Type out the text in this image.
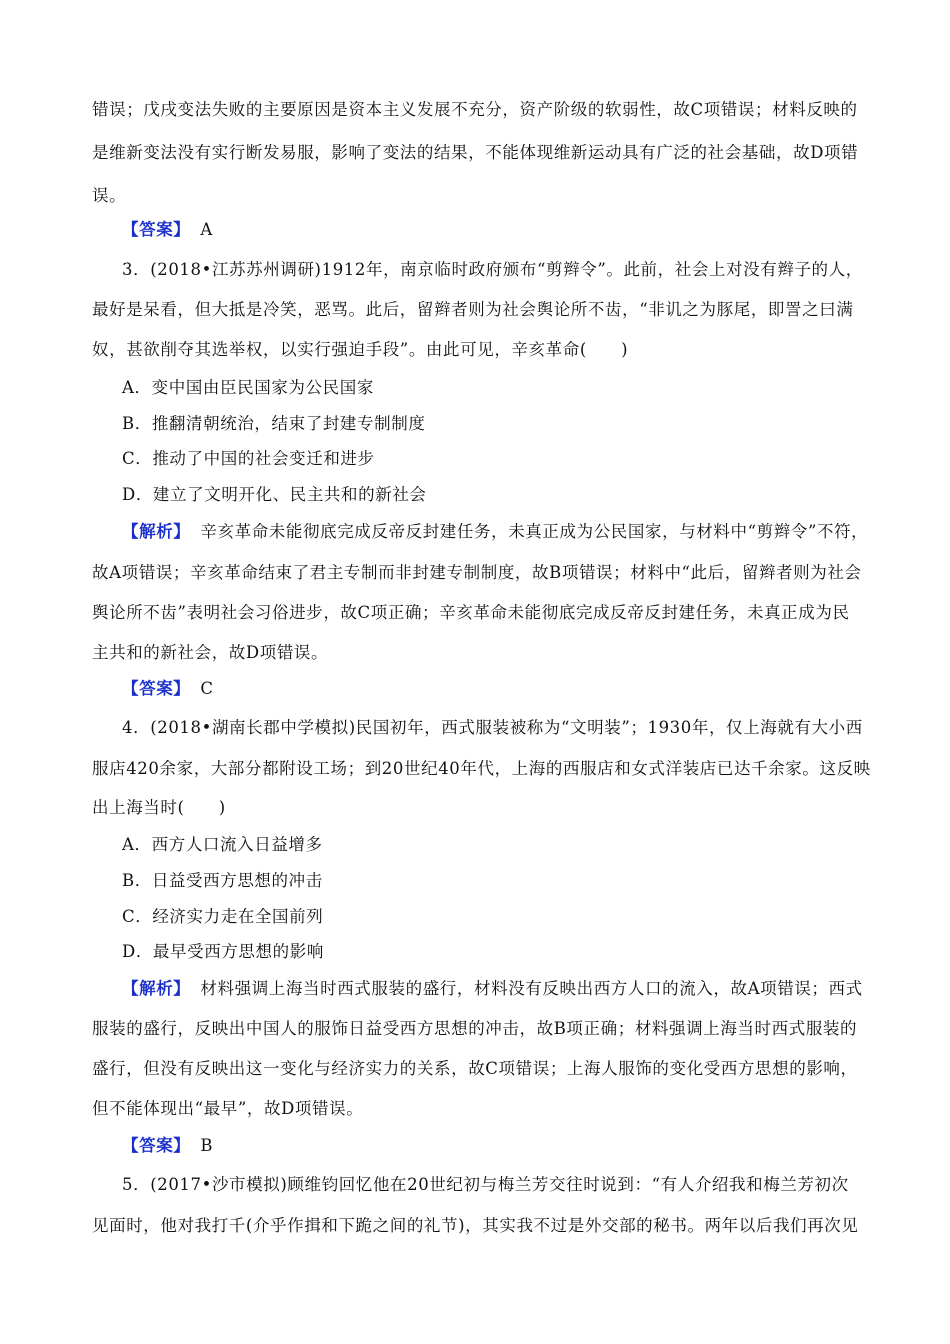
错误；戊戌变法失败的主要原因是资本主义发展不充分，资产阶级的软弱性，故C项错误；材料反映的
是维新变法没有实行断发易服，影响了变法的结果，不能体现维新运动具有广泛的社会基础，故D项错
误。
【答案】 A
3．(2018•江苏苏州调研)1912年，南京临时政府颁布“剪辫令”。此前，社会上对没有辫子的人，
最好是呆看，但大抵是冷笑，恶骂。此后，留辫者则为社会舆论所不齿，“非讥之为豚尾，即詈之曰满
奴，甚欲削夺其选举权，以实行强迫手段”。由此可见，辛亥革命(　　)
A．变中国由臣民国家为公民国家
B．推翻清朝统治，结束了封建专制制度
C．推动了中国的社会变迁和进步
D．建立了文明开化、民主共和的新社会
【解析】 辛亥革命未能彻底完成反帝反封建任务，未真正成为公民国家，与材料中“剪辫令”不符，
故A项错误；辛亥革命结束了君主专制而非封建专制制度，故B项错误；材料中“此后，留辫者则为社会
舆论所不齿”表明社会习俗进步，故C项正确；辛亥革命未能彻底完成反帝反封建任务，未真正成为民
主共和的新社会，故D项错误。
【答案】 C
4．(2018•湖南长郡中学模拟)民国初年，西式服装被称为“文明装”；1930年，仅上海就有大小西
服店420余家，大部分都附设工场；到20世纪40年代，上海的西服店和女式洋装店已达千余家。这反映
出上海当时(　　)
A．西方人口流入日益增多
B．日益受西方思想的冲击
C．经济实力走在全国前列
D．最早受西方思想的影响
【解析】 材料强调上海当时西式服装的盛行，材料没有反映出西方人口的流入，故A项错误；西式
服装的盛行，反映出中国人的服饰日益受西方思想的冲击，故B项正确；材料强调上海当时西式服装的
盛行，但没有反映出这一变化与经济实力的关系，故C项错误；上海人服饰的变化受西方思想的影响，
但不能体现出“最早”，故D项错误。
【答案】 B
5．(2017•沙市模拟)顾维钧回忆他在20世纪初与梅兰芳交往时说到：“有人介绍我和梅兰芳初次
见面时，他对我打千(介乎作揖和下跪之间的礼节)，其实我不过是外交部的秘书。两年以后我们再次见
